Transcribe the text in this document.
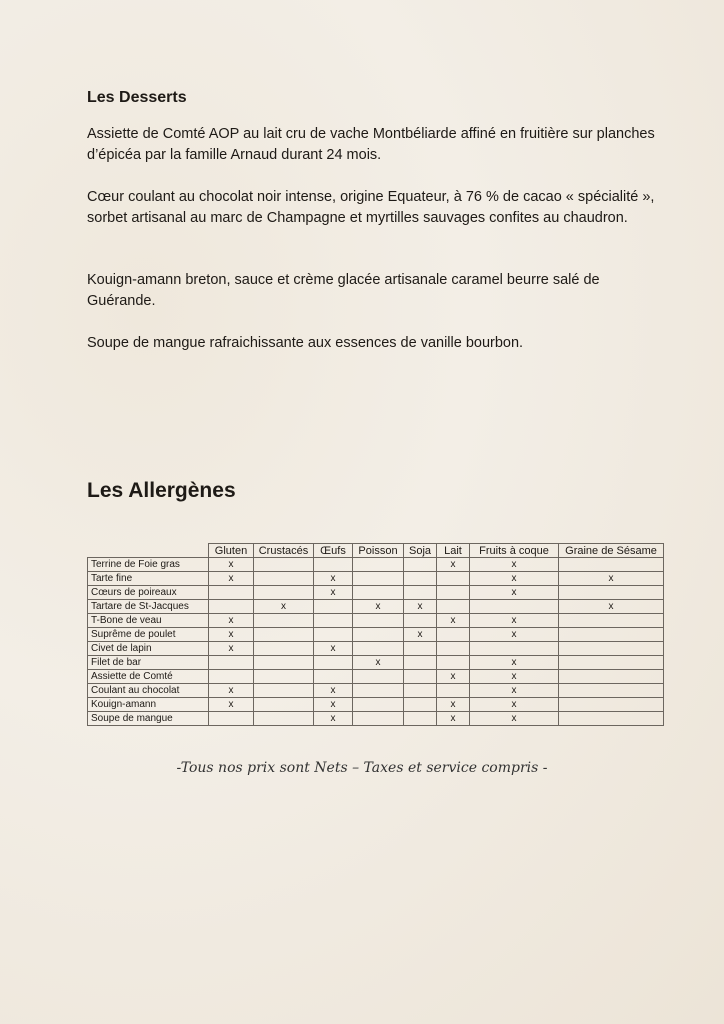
Les Desserts

Assiette de Comté AOP au lait cru de vache Montbéliarde affiné en fruitière sur planches d’épicéa par la famille Arnaud durant 24 mois.

Cœur coulant au chocolat noir intense, origine Equateur, à 76 % de cacao « spécialité », sorbet artisanal au marc de Champagne et myrtilles sauvages confites au chaudron.

Kouign-amann breton, sauce et crème glacée artisanale caramel beurre salé de Guérande.

Soupe de mangue rafraichissante aux essences de vanille bourbon.

Les Allergènes
	Gluten	Crustacés	Œufs	Poisson	Soja	Lait	Fruits à coque	Graine de Sésame
Terrine de Foie gras	x					x	x	
Tarte fine	x		x				x	x
Cœurs de poireaux			x				x	
Tartare de St-Jacques		x		x	x			x
T-Bone de veau	x					x	x	
Suprême de poulet	x				x		x	
Civet de lapin	x		x					
Filet de bar				x			x	
Assiette de Comté						x	x	
Coulant au chocolat	x		x				x	
Kouign-amann	x		x			x	x	
Soupe de mangue			x			x	x	
-Tous nos prix sont Nets – Taxes et service compris -
